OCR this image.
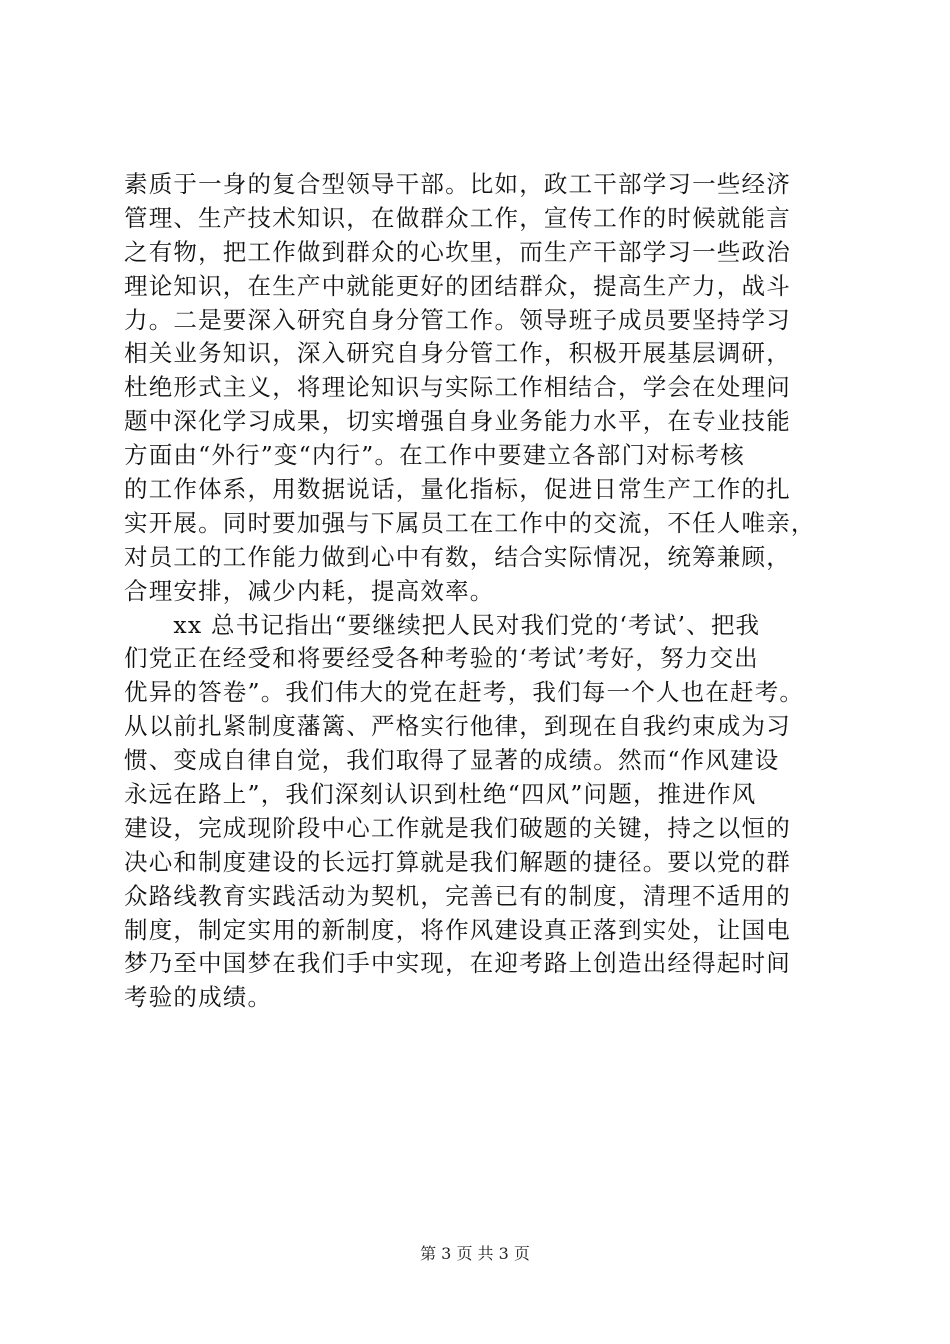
素质于一身的复合型领导干部。比如，政工干部学习一些经济
管理、生产技术知识，在做群众工作，宣传工作的时候就能言
之有物，把工作做到群众的心坎里，而生产干部学习一些政治
理论知识，在生产中就能更好的团结群众，提高生产力，战斗
力。二是要深入研究自身分管工作。领导班子成员要坚持学习
相关业务知识，深入研究自身分管工作，积极开展基层调研，
杜绝形式主义，将理论知识与实际工作相结合，学会在处理问
题中深化学习成果，切实增强自身业务能力水平，在专业技能
方面由“外行”变“内行”。在工作中要建立各部门对标考核
的工作体系，用数据说话，量化指标，促进日常生产工作的扎
实开展。同时要加强与下属员工在工作中的交流，不任人唯亲，
对员工的工作能力做到心中有数，结合实际情况，统筹兼顾，
合理安排，减少内耗，提高效率。
　　xx 总书记指出“要继续把人民对我们党的‘考试’、把我
们党正在经受和将要经受各种考验的‘考试’考好，努力交出
优异的答卷”。我们伟大的党在赶考，我们每一个人也在赶考。
从以前扎紧制度藩篱、严格实行他律，到现在自我约束成为习
惯、变成自律自觉，我们取得了显著的成绩。然而“作风建设
永远在路上”，我们深刻认识到杜绝“四风”问题，推进作风
建设，完成现阶段中心工作就是我们破题的关键，持之以恒的
决心和制度建设的长远打算就是我们解题的捷径。要以党的群
众路线教育实践活动为契机，完善已有的制度，清理不适用的
制度，制定实用的新制度，将作风建设真正落到实处，让国电
梦乃至中国梦在我们手中实现，在迎考路上创造出经得起时间
考验的成绩。
第 3 页 共 3 页
